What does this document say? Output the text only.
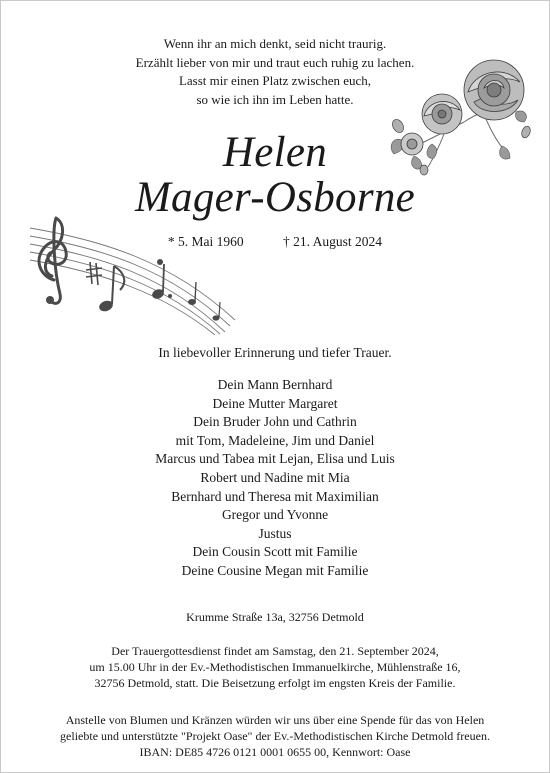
Wenn ihr an mich denkt, seid nicht traurig.
Erzählt lieber von mir und traut euch ruhig zu lachen.
Lasst mir einen Platz zwischen euch,
so wie ich ihn im Leben hatte.
Helen
Mager-Osborne
* 5. Mai 1960	† 21. August 2024
In liebevoller Erinnerung und tiefer Trauer.
Dein Mann Bernhard
Deine Mutter Margaret
Dein Bruder John und Cathrin
mit Tom, Madeleine, Jim und Daniel
Marcus und Tabea mit Lejan, Elisa und Luis
Robert und Nadine mit Mia
Bernhard und Theresa mit Maximilian
Gregor und Yvonne
Justus
Dein Cousin Scott mit Familie
Deine Cousine Megan mit Familie
Krumme Straße 13a, 32756 Detmold
Der Trauergottesdienst findet am Samstag, den 21. September 2024,
um 15.00 Uhr in der Ev.-Methodistischen Immanuelkirche, Mühlenstraße 16,
32756 Detmold, statt. Die Beisetzung erfolgt im engsten Kreis der Familie.
Anstelle von Blumen und Kränzen würden wir uns über eine Spende für das von Helen
geliebte und unterstützte "Projekt Oase" der Ev.-Methodistischen Kirche Detmold freuen.
IBAN: DE85 4726 0121 0001 0655 00, Kennwort: Oase
